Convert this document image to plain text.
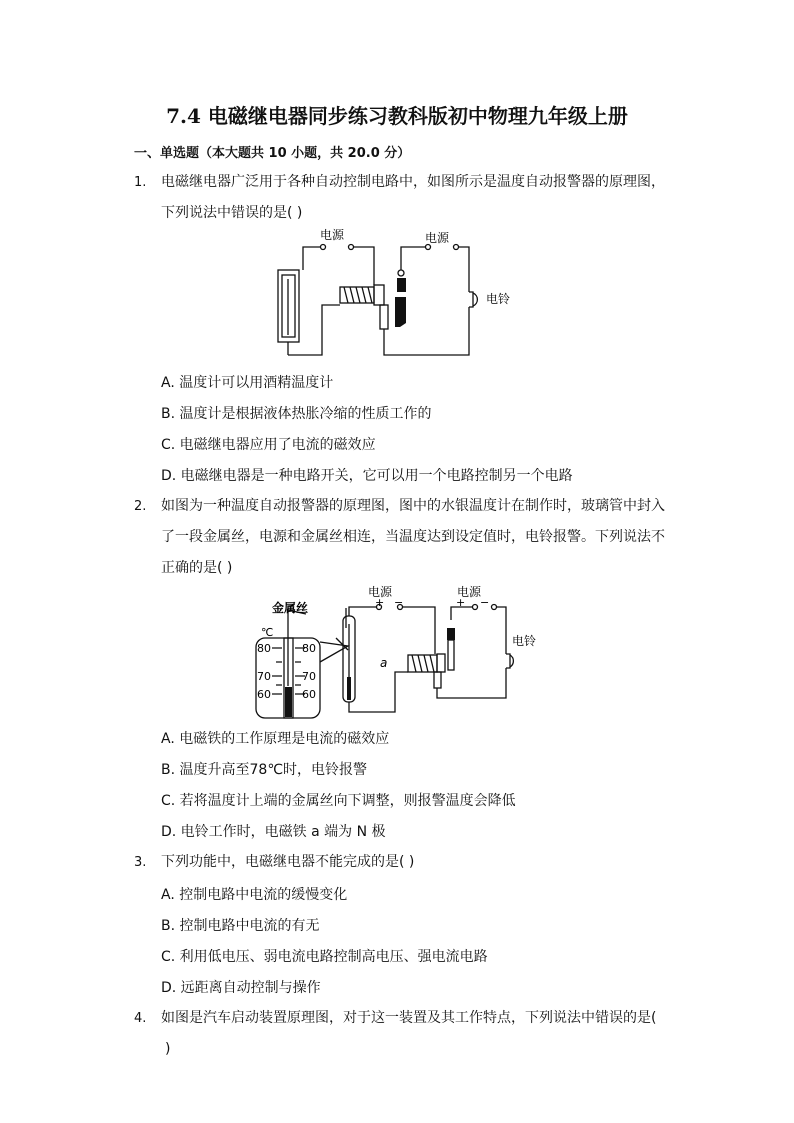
7.4 电磁继电器同步练习教科版初中物理九年级上册
一、单选题（本大题共 10 小题，共 20.0 分）
1. 电磁继电器广泛用于各种自动控制电路中，如图所示是温度自动报警器的原理图，
下列说法中错误的是( )
电源	电源
电铃
A. 温度计可以用酒精温度计
B. 温度计是根据液体热胀冷缩的性质工作的
C. 电磁继电器应用了电流的磁效应
D. 电磁继电器是一种电路开关，它可以用一个电路控制另一个电路
2. 如图为一种温度自动报警器的原理图，图中的水银温度计在制作时，玻璃管中封入
了一段金属丝，电源和金属丝相连，当温度达到设定值时，电铃报警。下列说法不
正确的是( )
电源	电源
+ −	+ −
金属丝
℃
80
70
60
80
70
60
a
电铃
A. 电磁铁的工作原理是电流的磁效应
B. 温度升高至78℃时，电铃报警
C. 若将温度计上端的金属丝向下调整，则报警温度会降低
D. 电铃工作时，电磁铁 a 端为 N 极
3. 下列功能中，电磁继电器不能完成的是( )
A. 控制电路中电流的缓慢变化
B. 控制电路中电流的有无
C. 利用低电压、弱电流电路控制高电压、强电流电路
D. 远距离自动控制与操作
4. 如图是汽车启动装置原理图，对于这一装置及其工作特点，下列说法中错误的是(
)
